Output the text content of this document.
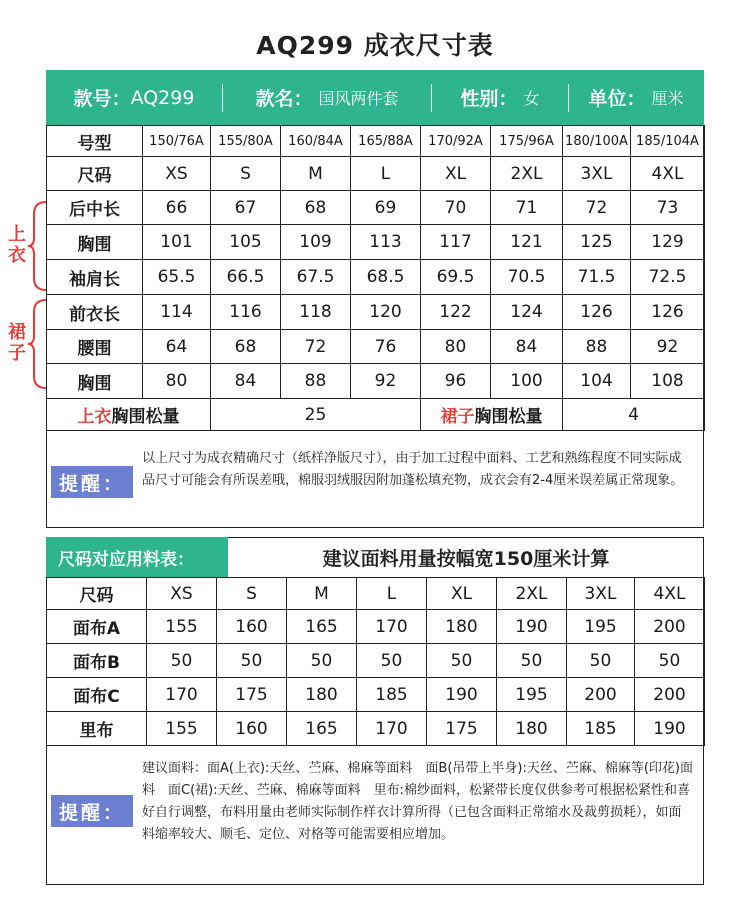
AQ299 成衣尺寸表
款号： AQ299	款名： 国风两件套	性别： 女	单位： 厘米
号型	150/76A	155/80A	160/84A	165/88A	170/92A	175/96A	180/100A	185/104A
尺码	XS	S	M	L	XL	2XL	3XL	4XL
后中长	66	67	68	69	70	71	72	73
胸围	101	105	109	113	117	121	125	129
袖肩长	65.5	66.5	67.5	68.5	69.5	70.5	71.5	72.5
前衣长	114	116	118	120	122	124	126	126
腰围	64	68	72	76	80	84	88	92
胸围	80	84	88	92	96	100	104	108
上衣胸围松量		25			裙子胸围松量		4	
上
衣
裙
子
提醒：
以上尺寸为成衣精确尺寸（纸样净版尺寸），由于加工过程中面料、工艺和熟练程度不同实际成品尺寸可能会有所误差哦，棉服羽绒服因附加蓬松填充物，成衣会有2-4厘米误差属正常现象。
尺码对应用料表：	建议面料用量按幅宽150厘米计算
尺码	XS	S	M	L	XL	2XL	3XL	4XL
面布A	155	160	165	170	180	190	195	200
面布B	50	50	50	50	50	50	50	50
面布C	170	175	180	185	190	195	200	200
里布	155	160	165	170	175	180	185	190
提醒：
建议面料：面A(上衣):天丝、苎麻、棉麻等面料　面B(吊带上半身):天丝、苎麻、棉麻等(印花)面料　面C(裙):天丝、苎麻、棉麻等面料　里布:棉纱面料，松紧带长度仅供参考可根据松紧性和喜好自行调整，布料用量由老师实际制作样衣计算所得（已包含面料正常缩水及裁剪损耗），如面料缩率较大、顺毛、定位、对格等可能需要相应增加。
